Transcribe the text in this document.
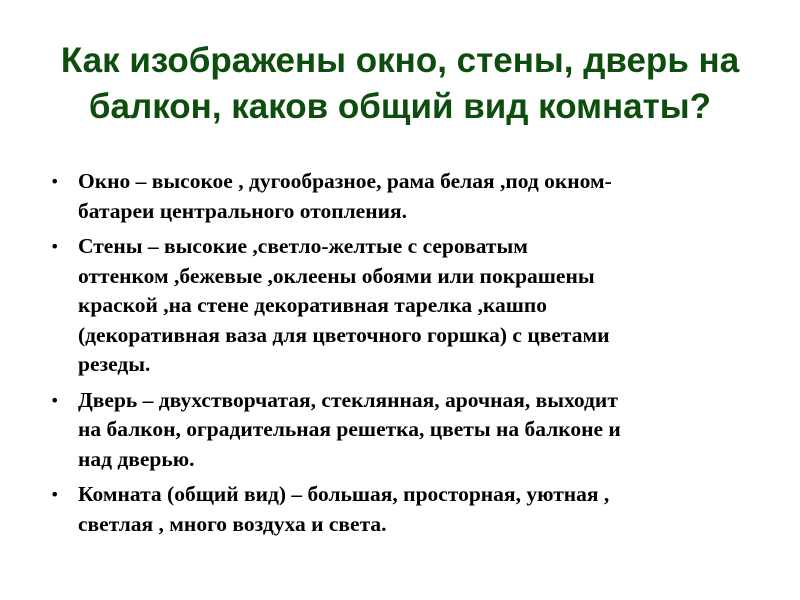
Как изображены окно, стены, дверь на
балкон, каков общий вид комнаты?
• Окно – высокое , дугообразное, рама белая ,под окном-
батареи центрального отопления.
• Стены – высокие ,светло-желтые с сероватым
оттенком ,бежевые ,оклеены обоями или покрашены
краской ,на стене декоративная тарелка ,кашпо
(декоративная ваза для цветочного горшка) с цветами
резеды.
• Дверь – двухстворчатая, стеклянная, арочная, выходит
на балкон, оградительная решетка, цветы на балконе и
над дверью.
• Комната (общий вид) – большая, просторная, уютная ,
светлая , много воздуха и света.
